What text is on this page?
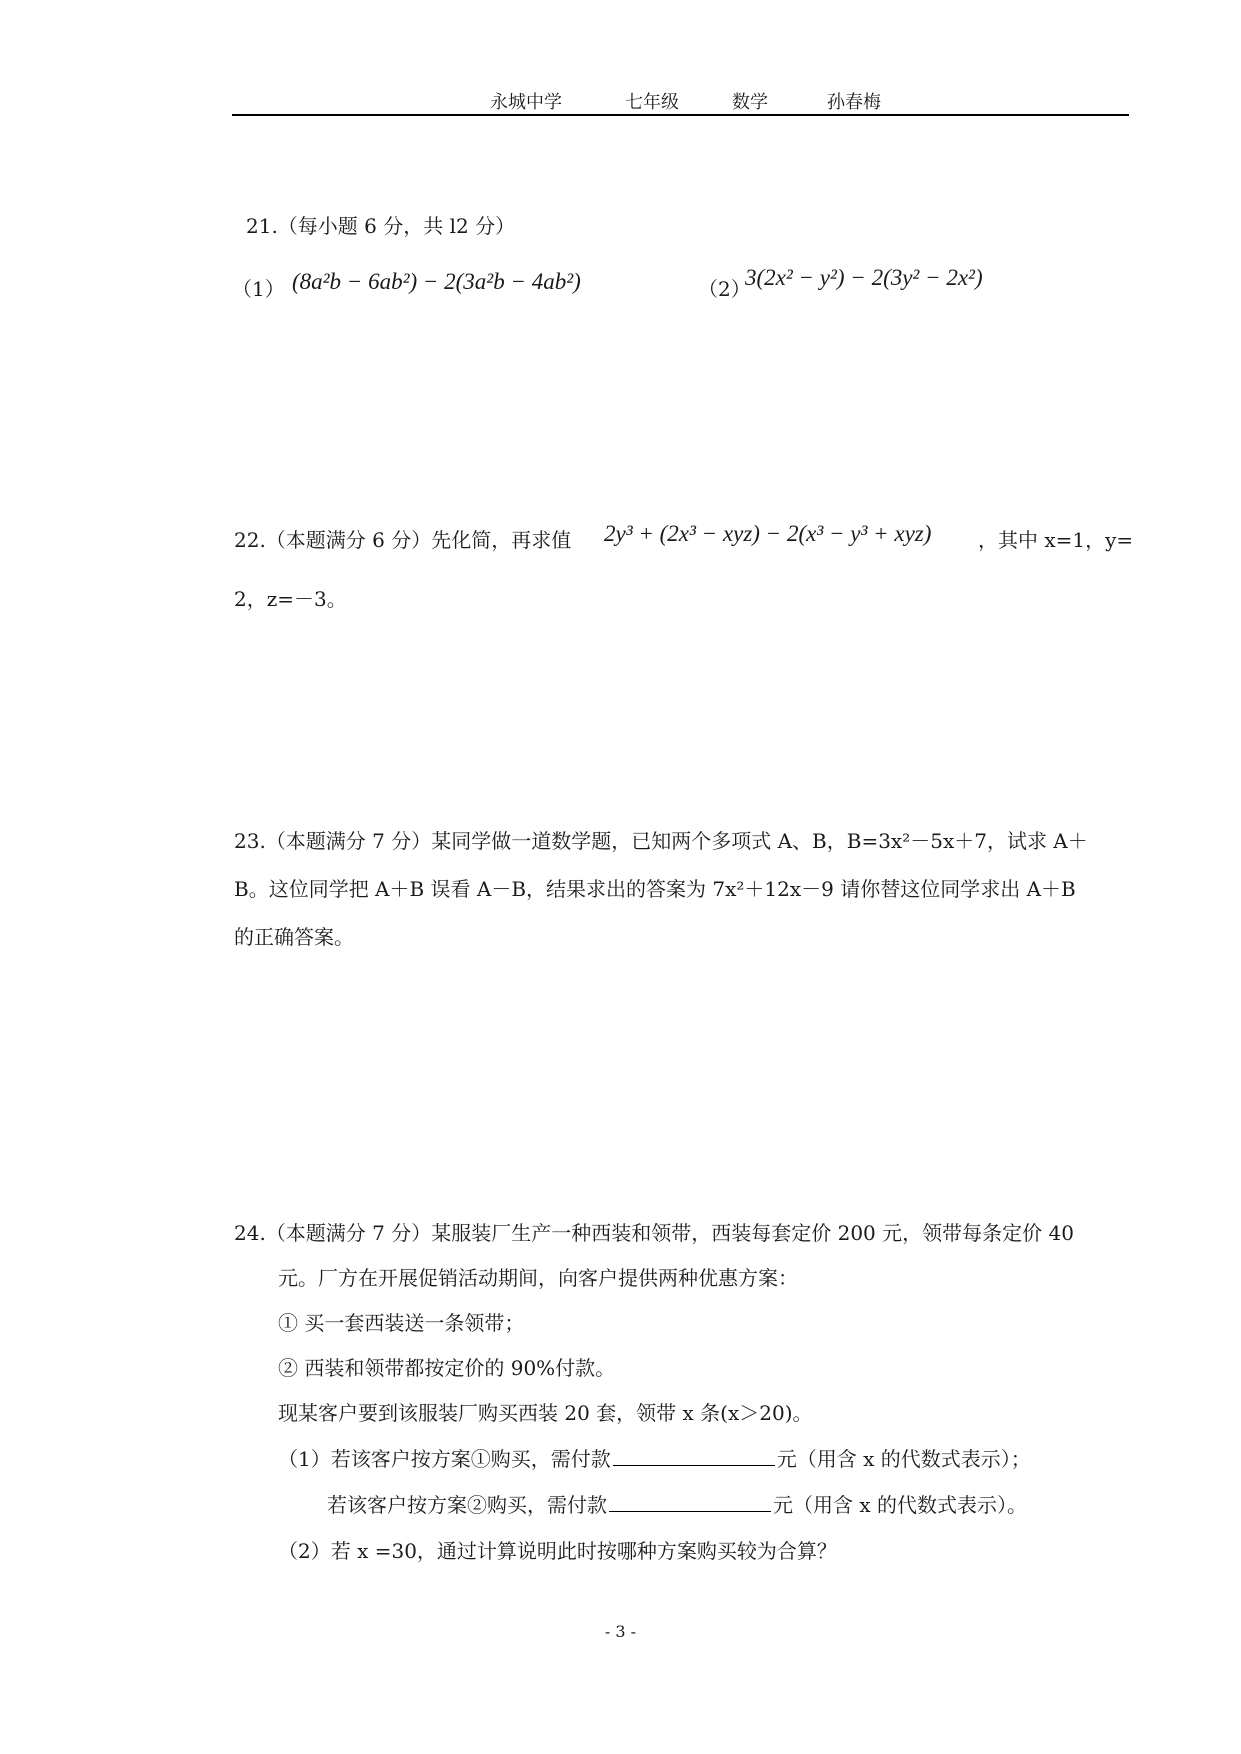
永城中学	七年级	数学	孙春梅
21.（每小题 6 分，共 l2 分）
（1） (8a²b − 6ab²) − 2(3a²b − 4ab²)	（2）
3(2x² − y²) − 2(3y² − 2x²)
22.（本题满分 6 分）先化简，再求值 2y³ + (2x³ − xyz) − 2(x³ − y³ + xyz) ，其中 x=1，y=
2，z=－3。
23.（本题满分 7 分）某同学做一道数学题，已知两个多项式 A、B，B=3x²－5x＋7，试求 A＋
B。这位同学把 A＋B 误看 A－B，结果求出的答案为 7x²＋12x－9 请你替这位同学求出 A＋B
的正确答案。
24.（本题满分 7 分）某服装厂生产一种西装和领带，西装每套定价 200 元，领带每条定价 40
元。厂方在开展促销活动期间，向客户提供两种优惠方案：
① 买一套西装送一条领带；
② 西装和领带都按定价的 90%付款。
现某客户要到该服装厂购买西装 20 套，领带 x 条(x＞20)。
（1）若该客户按方案①购买，需付款	元（用含 x 的代数式表示）；
若该客户按方案②购买，需付款	元（用含 x 的代数式表示）。
（2）若 x =30，通过计算说明此时按哪种方案购买较为合算？
- 3 -
